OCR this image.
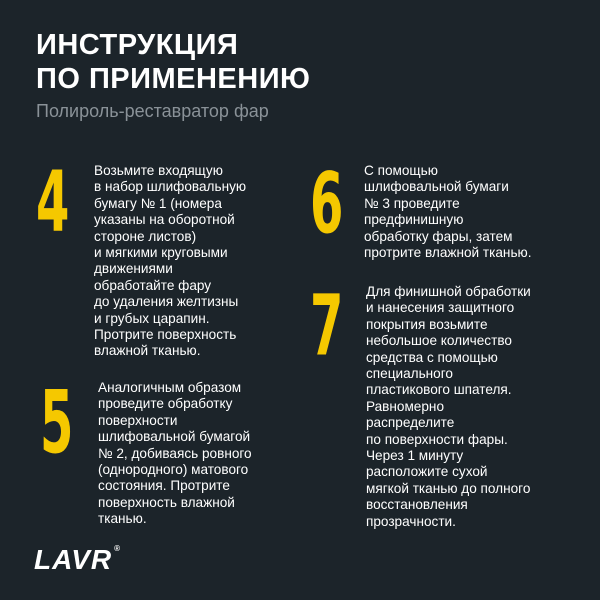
ИНСТРУКЦИЯ
ПО ПРИМЕНЕНИЮ

Полироль-реставратор фар

4 Возьмите входящую
в набор шлифовальную
бумагу № 1 (номера
указаны на оборотной
стороне листов)
и мягкими круговыми
движениями
обработайте фару
до удаления желтизны
и грубых царапин.
Протрите поверхность
влажной тканью.
5 Аналогичным образом
проведите обработку
поверхности
шлифовальной бумагой
№ 2, добиваясь ровного
(однородного) матового
состояния. Протрите
поверхность влажной
тканью.
6 С помощью
шлифовальной бумаги
№ 3 проведите
предфинишную
обработку фары, затем
протрите влажной тканью.
7 Для финишной обработки
и нанесения защитного
покрытия возьмите
небольшое количество
средства с помощью
специального
пластикового шпателя.
Равномерно
распределите
по поверхности фары.
Через 1 минуту
расположите сухой
мягкой тканью до полного
восстановления
прозрачности.
LAVR ®
